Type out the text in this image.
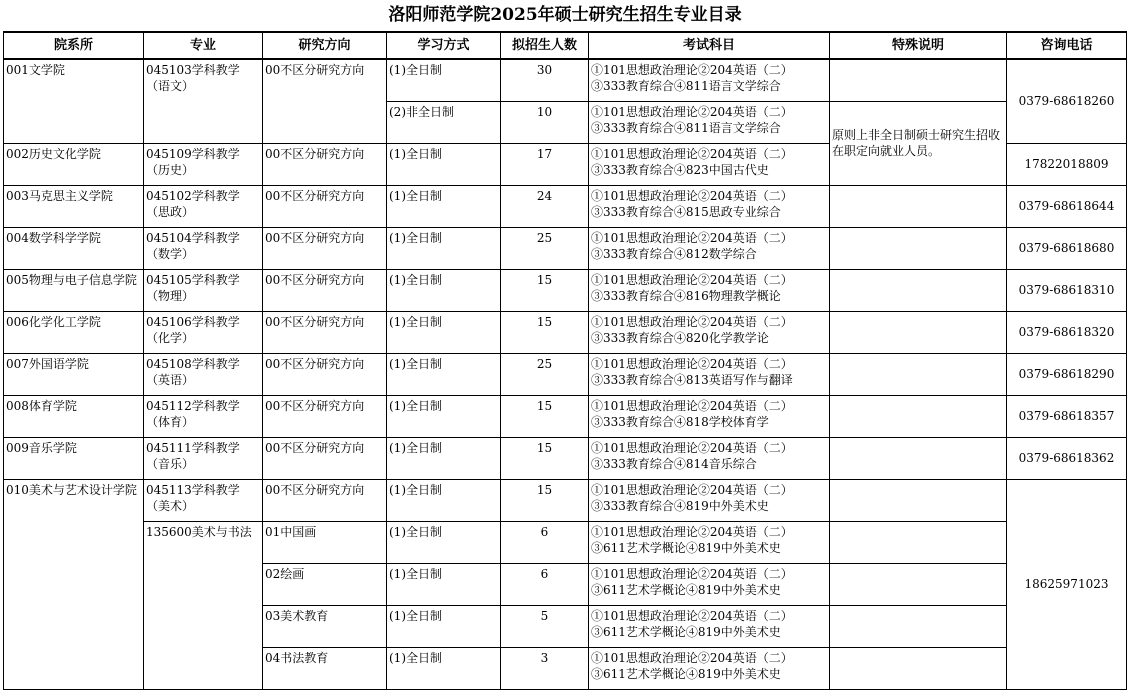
洛阳师范学院2025年硕士研究生招生专业目录
院系所	专业	研究方向	学习方式	拟招生人数	考试科目	特殊说明	咨询电话
001文学院	045103学科教学（语文）	00不区分研究方向	(1)全日制	30	①101思想政治理论②204英语（二）
③333教育综合④811语言文学综合		0379-68618260
			(2)非全日制	10	①101思想政治理论②204英语（二）
③333教育综合④811语言文学综合	原则上非全日制硕士研究生招收在职定向就业人员。	
002历史文化学院	045109学科教学（历史）	00不区分研究方向	(1)全日制	17	①101思想政治理论②204英语（二）
③333教育综合④823中国古代史		17822018809
003马克思主义学院	045102学科教学（思政）	00不区分研究方向	(1)全日制	24	①101思想政治理论②204英语（二）
③333教育综合④815思政专业综合		0379-68618644
004数学科学学院	045104学科教学（数学）	00不区分研究方向	(1)全日制	25	①101思想政治理论②204英语（二）
③333教育综合④812数学综合		0379-68618680
005物理与电子信息学院	045105学科教学（物理）	00不区分研究方向	(1)全日制	15	①101思想政治理论②204英语（二）
③333教育综合④816物理教学概论		0379-68618310
006化学化工学院	045106学科教学（化学）	00不区分研究方向	(1)全日制	15	①101思想政治理论②204英语（二）
③333教育综合④820化学教学论		0379-68618320
007外国语学院	045108学科教学（英语）	00不区分研究方向	(1)全日制	25	①101思想政治理论②204英语（二）
③333教育综合④813英语写作与翻译		0379-68618290
008体育学院	045112学科教学（体育）	00不区分研究方向	(1)全日制	15	①101思想政治理论②204英语（二）
③333教育综合④818学校体育学		0379-68618357
009音乐学院	045111学科教学（音乐）	00不区分研究方向	(1)全日制	15	①101思想政治理论②204英语（二）
③333教育综合④814音乐综合		0379-68618362
010美术与艺术设计学院	045113学科教学（美术）	00不区分研究方向	(1)全日制	15	①101思想政治理论②204英语（二）
③333教育综合④819中外美术史		18625971023
	135600美术与书法	01中国画	(1)全日制	6	①101思想政治理论②204英语（二）
③611艺术学概论④819中外美术史		

		02绘画	(1)全日制	6	①101思想政治理论②204英语（二）
③611艺术学概论④819中外美术史		

		03美术教育	(1)全日制	5	①101思想政治理论②204英语（二）
③611艺术学概论④819中外美术史		

		04书法教育	(1)全日制	3	①101思想政治理论②204英语（二）
③611艺术学概论④819中外美术史		
